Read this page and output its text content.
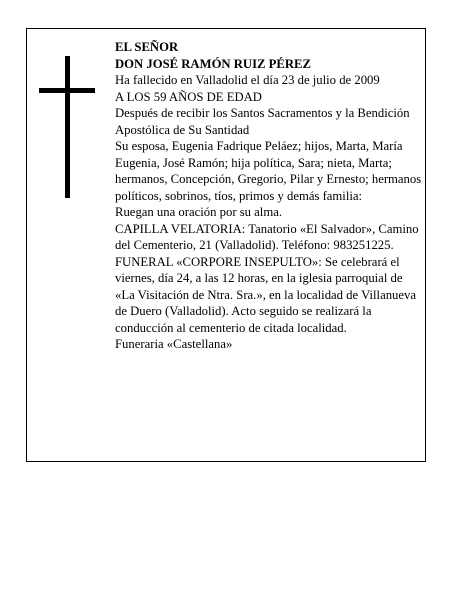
EL SEÑOR

DON JOSÉ RAMÓN RUIZ PÉREZ

Ha fallecido en Valladolid el día 23 de julio de 2009

A LOS 59 AÑOS DE EDAD

Después de recibir los Santos Sacramentos y la Bendición Apostólica de Su Santidad

Su esposa, Eugenia Fadrique Peláez; hijos, Marta, María Eugenia, José Ramón; hija política, Sara; nieta, Marta; hermanos, Concepción, Gregorio, Pilar y Ernesto; hermanos políticos, sobrinos, tíos, primos y demás familia:

Ruegan una oración por su alma.

CAPILLA VELATORIA: Tanatorio «El Salvador», Camino del Cementerio, 21 (Valladolid). Teléfono: 983251225.

FUNERAL «CORPORE INSEPULTO»: Se celebrará el viernes, día 24, a las 12 horas, en la iglesia parroquial de «La Visitación de Ntra. Sra.», en la localidad de Villanueva de Duero (Valladolid). Acto seguido se realizará la conducción al cementerio de citada localidad.

Funeraria «Castellana»
